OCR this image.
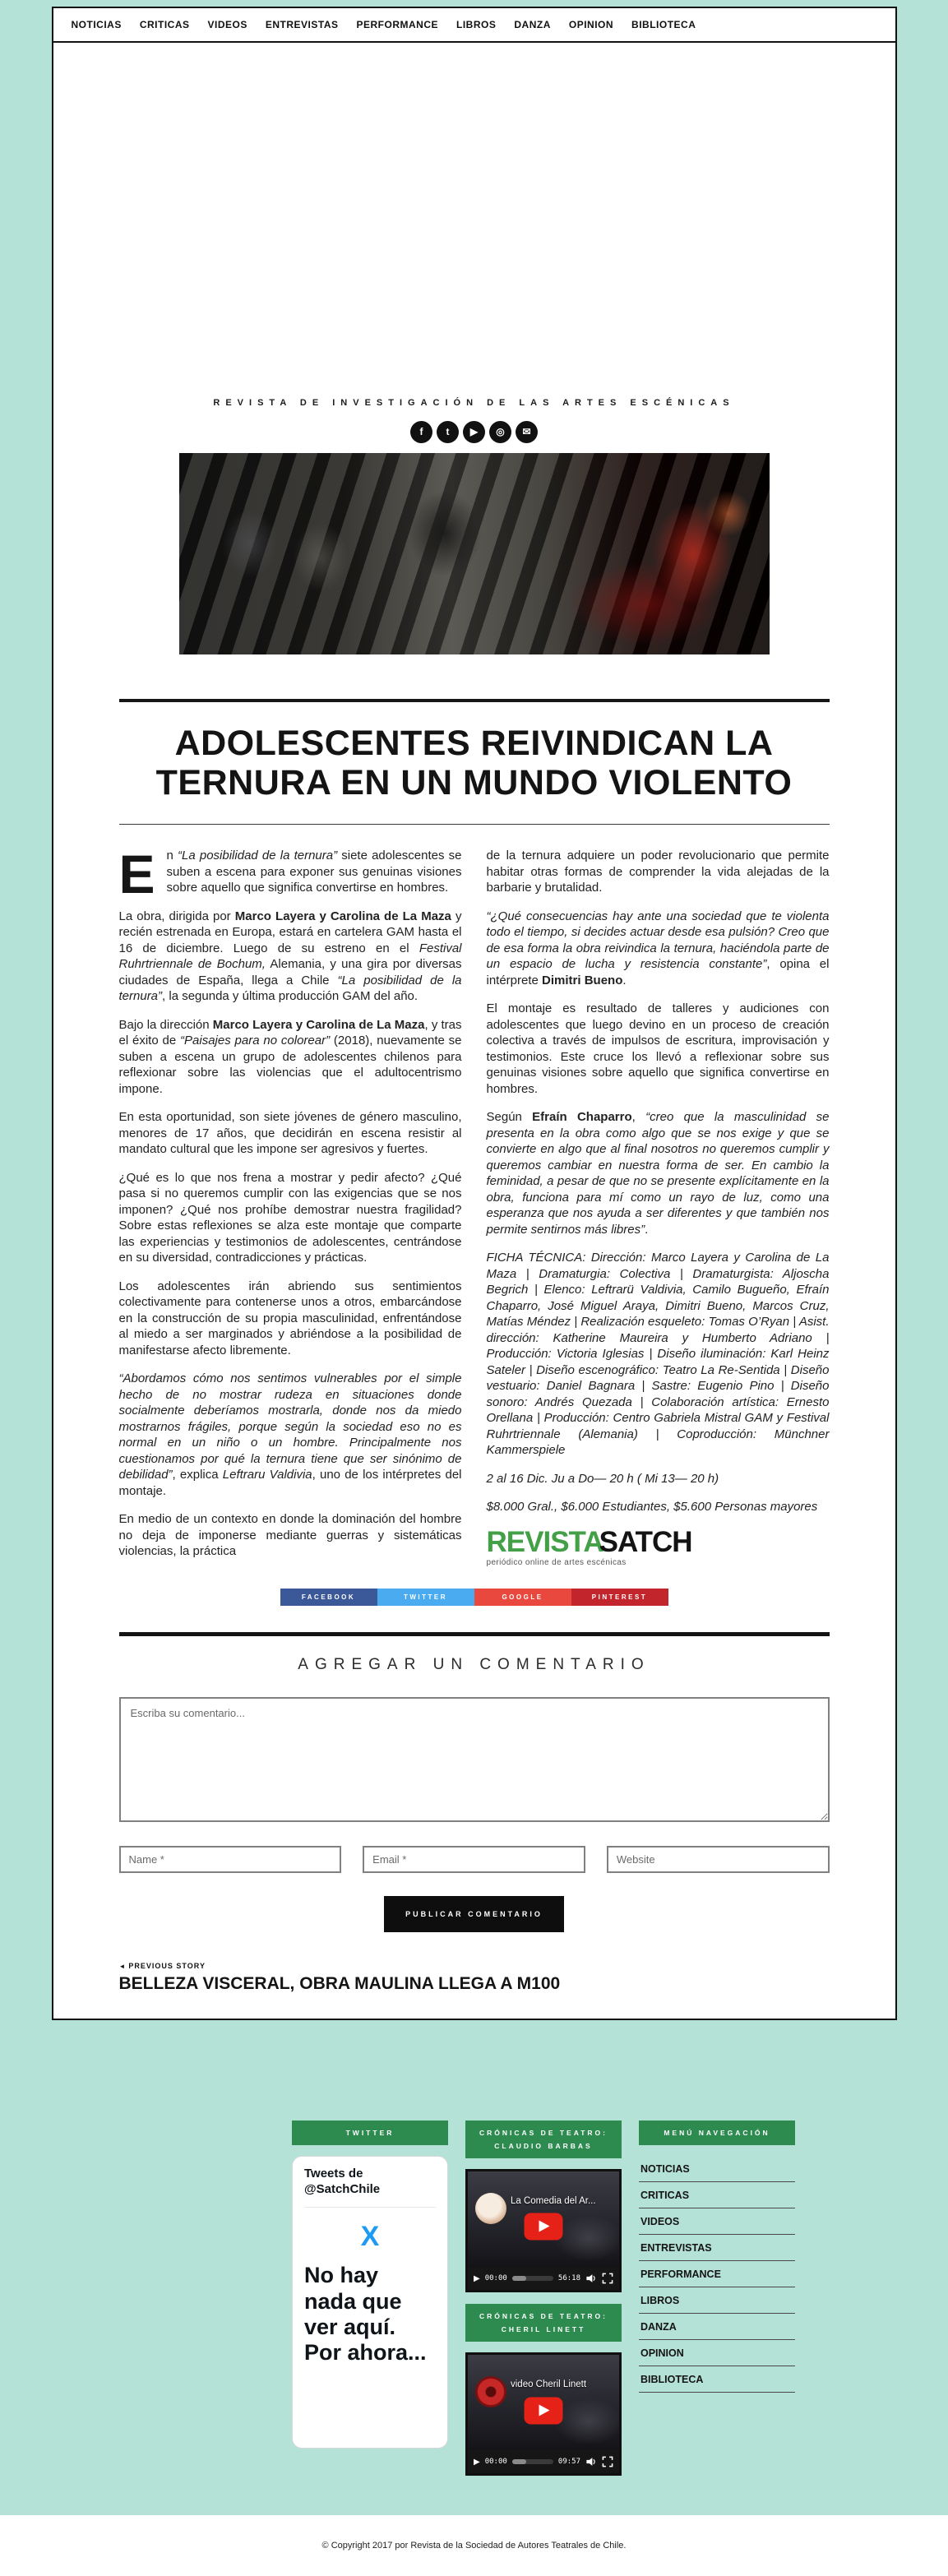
NOTICIAS CRITICAS VIDEOS ENTREVISTAS PERFORMANCE LIBROS DANZA OPINION BIBLIOTECA
REVISTA DE INVESTIGACIÓN DE LAS ARTES ESCÉNICAS
f	t	▶	◎	✉
ADOLESCENTES REIVINDICAN LA TERNURA EN UN MUNDO VIOLENTO

En “La posibilidad de la ternura” siete adolescentes se suben a escena para exponer sus genuinas visiones sobre aquello que significa convertirse en hombres.

La obra, dirigida por Marco Layera y Carolina de La Maza y recién estrenada en Europa, estará en cartelera GAM hasta el 16 de diciembre. Luego de su estreno en el Festival Ruhrtriennale de Bochum, Alemania, y una gira por diversas ciudades de España, llega a Chile “La posibilidad de la ternura”, la segunda y última producción GAM del año.

Bajo la dirección Marco Layera y Carolina de La Maza, y tras el éxito de “Paisajes para no colorear” (2018), nuevamente se suben a escena un grupo de adolescentes chilenos para reflexionar sobre las violencias que el adultocentrismo impone.

En esta oportunidad, son siete jóvenes de género masculino, menores de 17 años, que decidirán en escena resistir al mandato cultural que les impone ser agresivos y fuertes.

¿Qué es lo que nos frena a mostrar y pedir afecto? ¿Qué pasa si no queremos cumplir con las exigencias que se nos imponen? ¿Qué nos prohíbe demostrar nuestra fragilidad? Sobre estas reflexiones se alza este montaje que comparte las experiencias y testimonios de adolescentes, centrándose en su diversidad, contradicciones y prácticas.

Los adolescentes irán abriendo sus sentimientos colectivamente para contenerse unos a otros, embarcándose en la construcción de su propia masculinidad, enfrentándose al miedo a ser marginados y abriéndose a la posibilidad de manifestarse afecto libremente.

“Abordamos cómo nos sentimos vulnerables por el simple hecho de no mostrar rudeza en situaciones donde socialmente deberíamos mostrarla, donde nos da miedo mostrarnos frágiles, porque según la sociedad eso no es normal en un niño o un hombre. Principalmente nos cuestionamos por qué la ternura tiene que ser sinónimo de debilidad”, explica Leftraru Valdivia, uno de los intérpretes del montaje.

En medio de un contexto en donde la dominación del hombre no deja de imponerse mediante guerras y sistemáticas violencias, la práctica

de la ternura adquiere un poder revolucionario que permite habitar otras formas de comprender la vida alejadas de la barbarie y brutalidad.

“¿Qué consecuencias hay ante una sociedad que te violenta todo el tiempo, si decides actuar desde esa pulsión? Creo que de esa forma la obra reivindica la ternura, haciéndola parte de un espacio de lucha y resistencia constante”, opina el intérprete Dimitri Bueno.

El montaje es resultado de talleres y audiciones con adolescentes que luego devino en un proceso de creación colectiva a través de impulsos de escritura, improvisación y testimonios. Este cruce los llevó a reflexionar sobre sus genuinas visiones sobre aquello que significa convertirse en hombres.

Según Efraín Chaparro, “creo que la masculinidad se presenta en la obra como algo que se nos exige y que se convierte en algo que al final nosotros no queremos cumplir y queremos cambiar en nuestra forma de ser. En cambio la feminidad, a pesar de que no se presente explícitamente en la obra, funciona para mí como un rayo de luz, como una esperanza que nos ayuda a ser diferentes y que también nos permite sentirnos más libres”.

FICHA TÉCNICA: Dirección: Marco Layera y Carolina de La Maza | Dramaturgia: Colectiva | Dramaturgista: Aljoscha Begrich | Elenco: Leftrarü Valdivia, Camilo Bugueño, Efraín Chaparro, José Miguel Araya, Dimitri Bueno, Marcos Cruz, Matías Méndez | Realización esqueleto: Tomas O’Ryan | Asist. dirección: Katherine Maureira y Humberto Adriano | Producción: Victoria Iglesias | Diseño iluminación: Karl Heinz Sateler | Diseño escenográfico: Teatro La Re-Sentida | Diseño vestuario: Daniel Bagnara | Sastre: Eugenio Pino | Diseño sonoro: Andrés Quezada | Colaboración artística: Ernesto Orellana | Producción: Centro Gabriela Mistral GAM y Festival Ruhrtriennale (Alemania) | Coproducción: Münchner Kammerspiele

2 al 16 Dic. Ju a Do— 20 h ( Mi 13— 20 h)

$8.000 Gral., $6.000 Estudiantes, $5.600 Personas mayores

REVISTASATCH
periódico online de artes escénicas
FACEBOOK	TWITTER	GOOGLE	PINTEREST
AGREGAR UN COMENTARIO
Escriba su comentario...
Name *
Email *
Website
PUBLICAR COMENTARIO
◄ PREVIOUS STORY
BELLEZA VISCERAL, OBRA MAULINA LLEGA A M100
TWITTER
Tweets de @SatchChile
X
No hay nada que ver aquí. Por ahora...
CRÓNICAS DE TEATRO: CLAUDIO BARBAS
La Comedia del Ar...
▶ 00:00	56:18
CRÓNICAS DE TEATRO: CHERIL LINETT
video Cheril Linett
▶ 00:00	09:57
MENÚ NAVEGACIÓN
NOTICIAS
CRITICAS
VIDEOS
ENTREVISTAS
PERFORMANCE
LIBROS
DANZA
OPINION
BIBLIOTECA
© Copyright 2017 por Revista de la Sociedad de Autores Teatrales de Chile.
